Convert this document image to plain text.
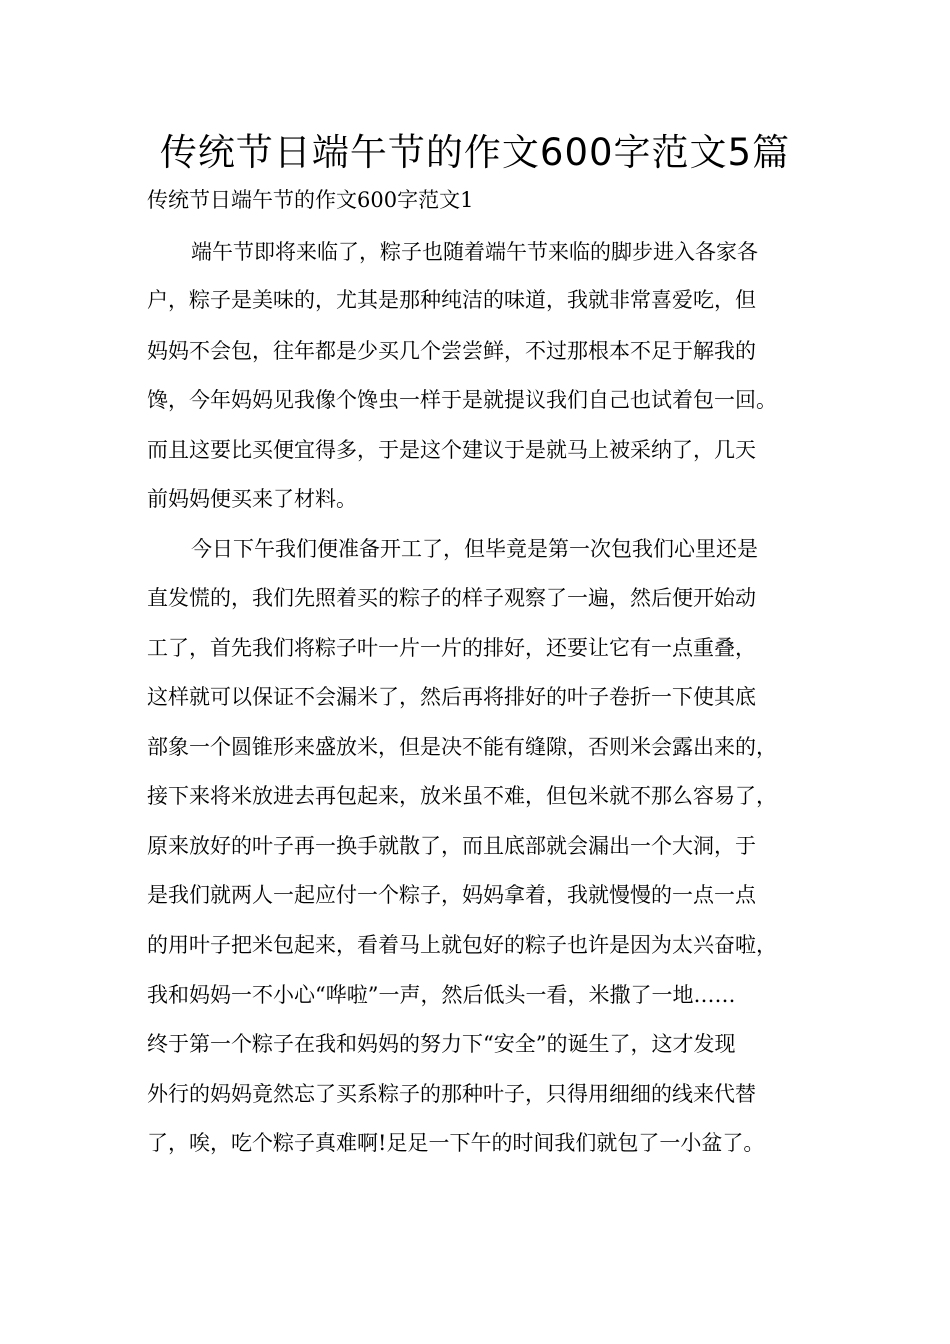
传统节日端午节的作文600字范文5篇
传统节日端午节的作文600字范文1
端午节即将来临了，粽子也随着端午节来临的脚步进入各家各
户，粽子是美味的，尤其是那种纯洁的味道，我就非常喜爱吃，但
妈妈不会包，往年都是少买几个尝尝鲜，不过那根本不足于解我的
馋，今年妈妈见我像个馋虫一样于是就提议我们自己也试着包一回。
而且这要比买便宜得多，于是这个建议于是就马上被采纳了，几天
前妈妈便买来了材料。
今日下午我们便准备开工了，但毕竟是第一次包我们心里还是
直发慌的，我们先照着买的粽子的样子观察了一遍，然后便开始动
工了，首先我们将粽子叶一片一片的排好，还要让它有一点重叠，
这样就可以保证不会漏米了，然后再将排好的叶子卷折一下使其底
部象一个圆锥形来盛放米，但是决不能有缝隙，否则米会露出来的，
接下来将米放进去再包起来，放米虽不难，但包米就不那么容易了，
原来放好的叶子再一换手就散了，而且底部就会漏出一个大洞，于
是我们就两人一起应付一个粽子，妈妈拿着，我就慢慢的一点一点
的用叶子把米包起来，看着马上就包好的粽子也许是因为太兴奋啦，
我和妈妈一不小心“哗啦”一声，然后低头一看，米撒了一地……
终于第一个粽子在我和妈妈的努力下“安全”的诞生了，这才发现
外行的妈妈竟然忘了买系粽子的那种叶子，只得用细细的线来代替
了，唉，吃个粽子真难啊!足足一下午的时间我们就包了一小盆了。
